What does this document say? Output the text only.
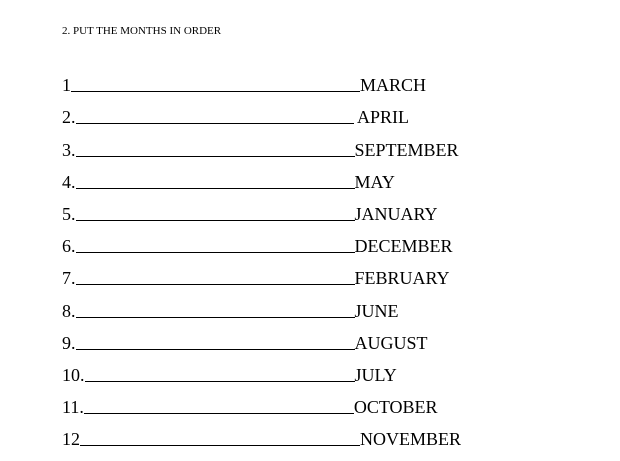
2. PUT THE MONTHS IN ORDER
1	MARCH
2.	APRIL
3.	SEPTEMBER
4.	MAY
5.	JANUARY
6.	DECEMBER
7.	FEBRUARY
8.	JUNE
9.	AUGUST
10.	JULY
11.	OCTOBER
12	NOVEMBER
